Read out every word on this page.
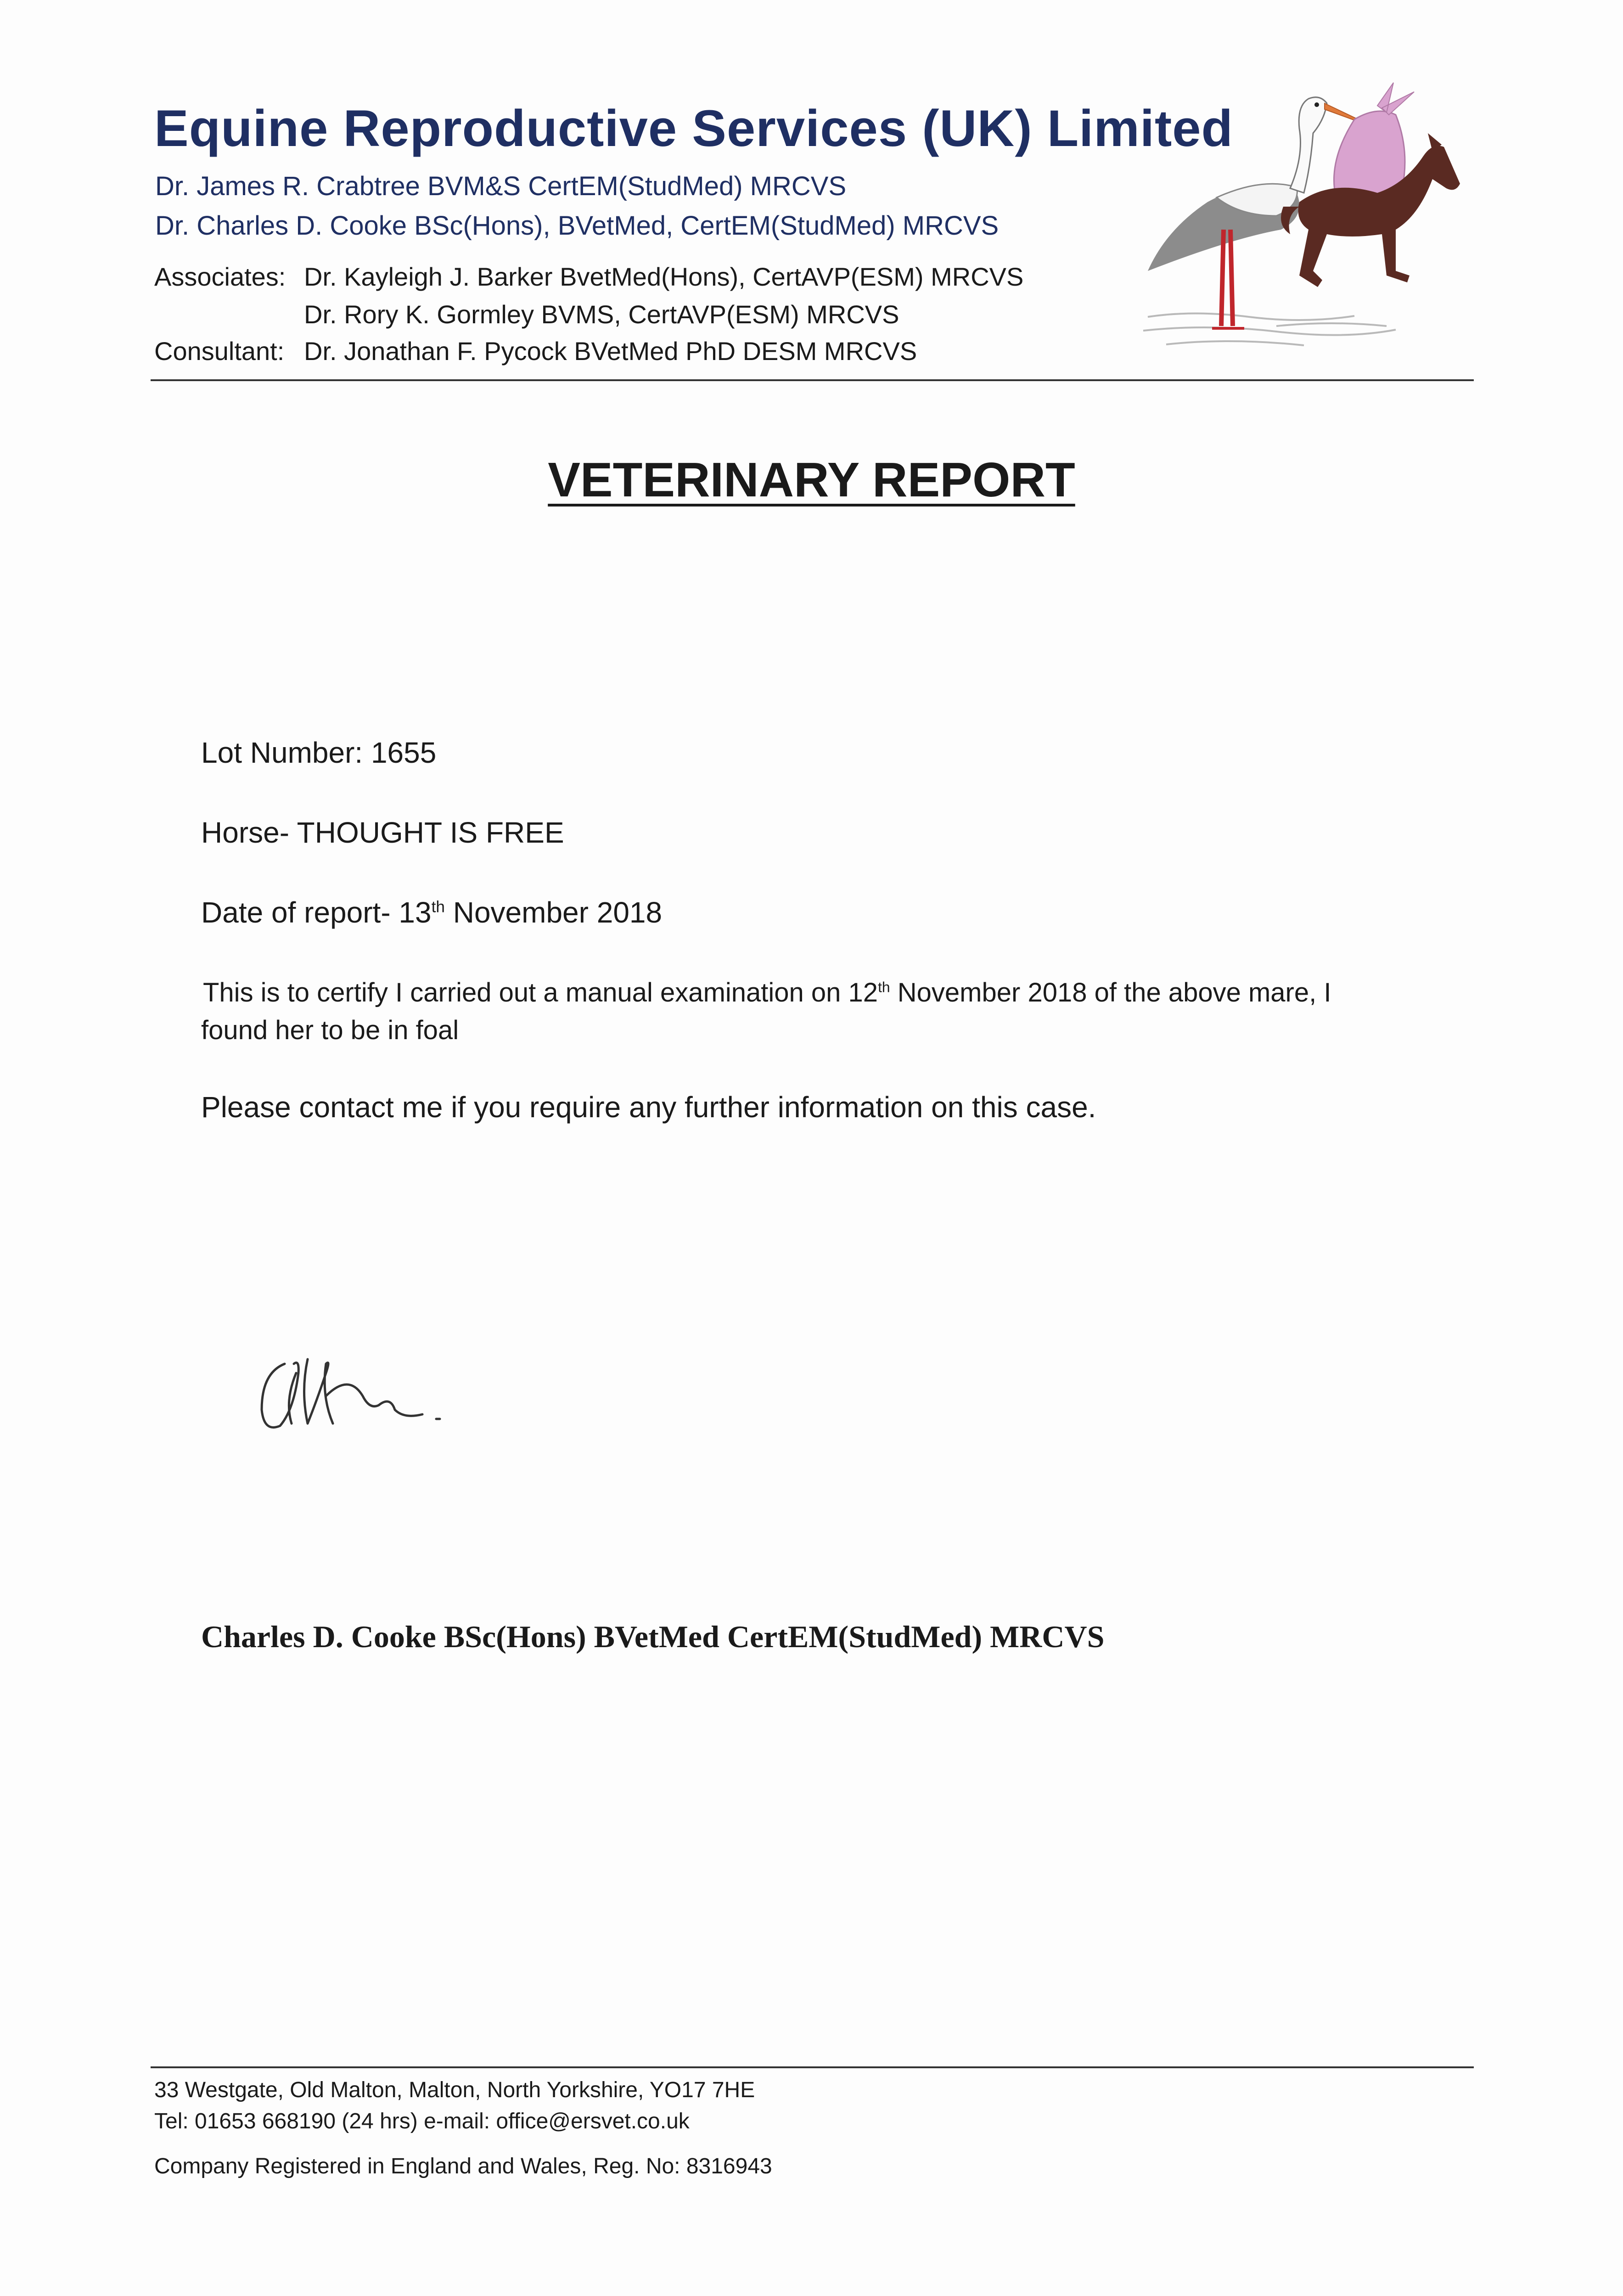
Equine Reproductive Services (UK) Limited
Dr. James R. Crabtree BVM&S CertEM(StudMed) MRCVS
Dr. Charles D. Cooke BSc(Hons), BVetMed, CertEM(StudMed) MRCVS
Associates: Dr. Kayleigh J. Barker BvetMed(Hons), CertAVP(ESM) MRCVS
Dr. Rory K. Gormley BVMS, CertAVP(ESM) MRCVS
Consultant: Dr. Jonathan F. Pycock BVetMed PhD DESM MRCVS
VETERINARY REPORT
Lot Number: 1655
Horse- THOUGHT IS FREE
Date of report- 13th November 2018
This is to certify I carried out a manual examination on 12th November 2018 of the above mare, I
found her to be in foal
Please contact me if you require any further information on this case.
Charles D. Cooke BSc(Hons) BVetMed CertEM(StudMed) MRCVS
33 Westgate, Old Malton, Malton, North Yorkshire, YO17 7HE
Tel: 01653 668190 (24 hrs) e-mail: office@ersvet.co.uk
Company Registered in England and Wales, Reg. No: 8316943
